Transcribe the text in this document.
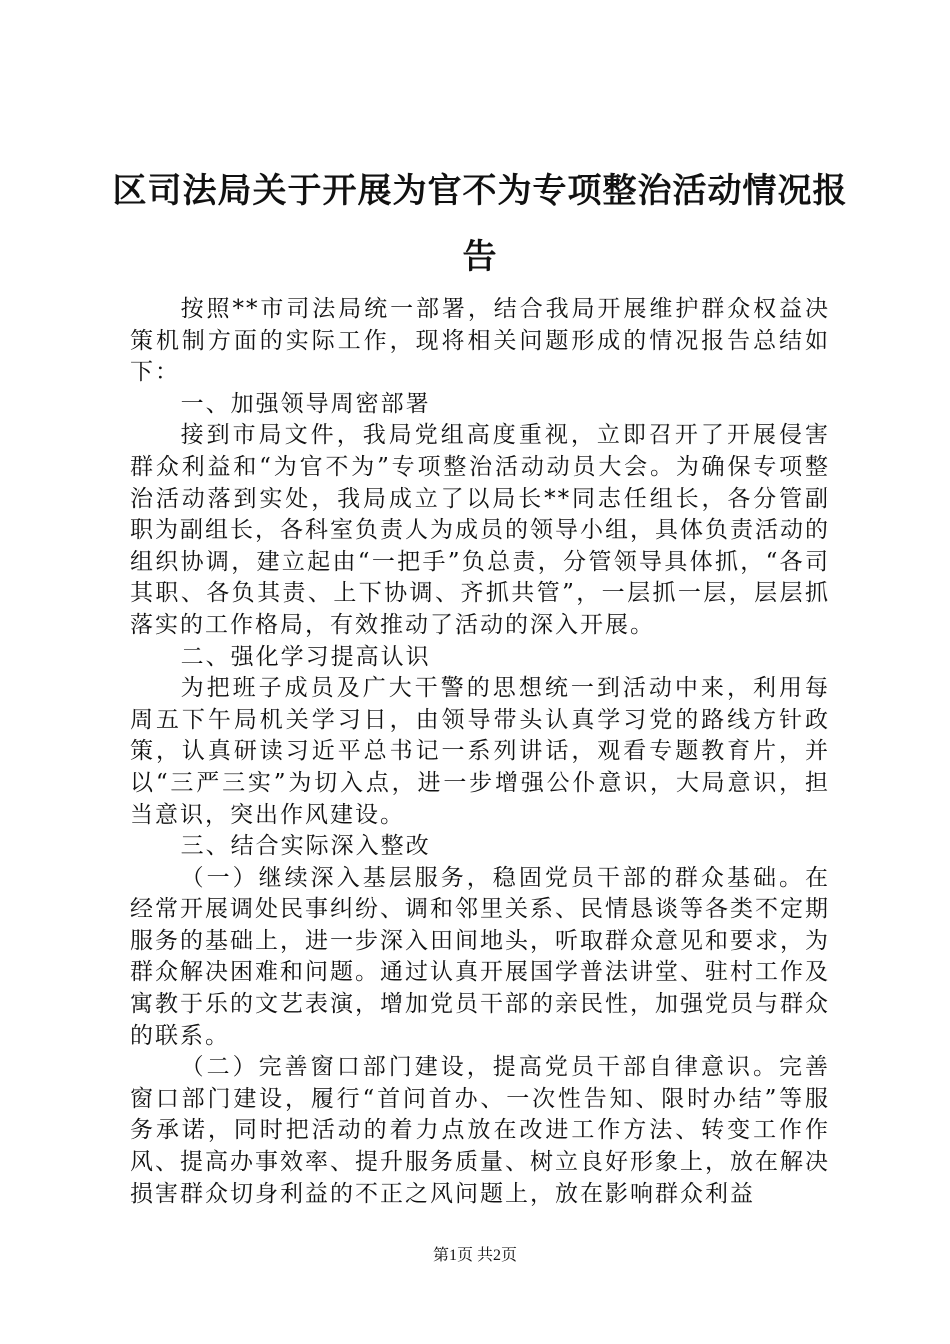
区司法局关于开展为官不为专项整治活动情况报告

按照**市司法局统一部署，结合我局开展维护群众权益决策机制方面的实际工作，现将相关问题形成的情况报告总结如下：

一、加强领导周密部署

接到市局文件，我局党组高度重视，立即召开了开展侵害群众利益和“为官不为”专项整治活动动员大会。为确保专项整治活动落到实处，我局成立了以局长**同志任组长，各分管副职为副组长，各科室负责人为成员的领导小组，具体负责活动的组织协调，建立起由“一把手”负总责，分管领导具体抓，“各司其职、各负其责、上下协调、齐抓共管”，一层抓一层，层层抓落实的工作格局，有效推动了活动的深入开展。

二、强化学习提高认识

为把班子成员及广大干警的思想统一到活动中来，利用每周五下午局机关学习日，由领导带头认真学习党的路线方针政策，认真研读习近平总书记一系列讲话，观看专题教育片，并以“三严三实”为切入点，进一步增强公仆意识，大局意识，担当意识，突出作风建设。

三、结合实际深入整改

（一）继续深入基层服务，稳固党员干部的群众基础。在经常开展调处民事纠纷、调和邻里关系、民情恳谈等各类不定期服务的基础上，进一步深入田间地头，听取群众意见和要求，为群众解决困难和问题。通过认真开展国学普法讲堂、驻村工作及寓教于乐的文艺表演，增加党员干部的亲民性，加强党员与群众的联系。

（二）完善窗口部门建设，提高党员干部自律意识。完善窗口部门建设，履行“首问首办、一次性告知、限时办结”等服务承诺，同时把活动的着力点放在改进工作方法、转变工作作风、提高办事效率、提升服务质量、树立良好形象上，放在解决损害群众切身利益的不正之风问题上，放在影响群众利益

第1页 共2页
